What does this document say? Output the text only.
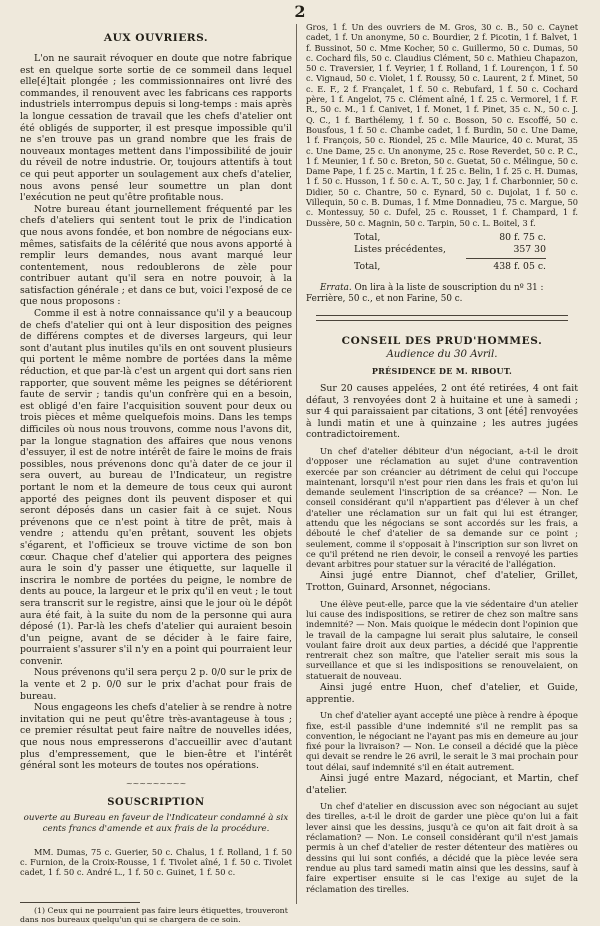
2

AUX OUVRIERS.

L'on ne saurait révoquer en doute que notre fabrique est en quelque sorte sortie de ce sommeil dans lequel elle[é]tait plongée ; les commissionnaires ont livré des commandes, il renouvent avec les fabricans ces rapports industriels interrompus depuis si long-temps : mais après la longue cessation de travail que les chefs d'atelier ont été obligés de supporter, il est presque impossible qu'il ne s'en trouve pas un grand nombre que les frais de nouveaux montages mettent dans l'impossibilité de jouir du réveil de notre industrie. Or, toujours attentifs à tout ce qui peut apporter un soulagement aux chefs d'atelier, nous avons pensé leur soumettre un plan dont l'exécution ne peut qu'être profitable nous.

Notre bureau étant journellement fréquenté par les chefs d'ateliers qui sentent tout le prix de l'indication que nous avons fondée, et bon nombre de négocians eux-mêmes, satisfaits de la célérité que nous avons apporté à remplir leurs demandes, nous avant marqué leur contentement, nous redoublerons de zèle pour contribuer autant qu'il sera en notre pouvoir, à la satisfaction générale ; et dans ce but, voici l'exposé de ce que nous proposons :

Comme il est à notre connaissance qu'il y a beaucoup de chefs d'atelier qui ont à leur disposition des peignes de différens comptes et de diverses largeurs, qui leur sont d'autant plus inutiles qu'ils en ont souvent plusieurs qui portent le même nombre de portées dans la même réduction, et que par-là c'est un argent qui dort sans rien rapporter, que souvent même les peignes se détériorent faute de servir ; tandis qu'un confrère qui en a besoin, est obligé d'en faire l'acquisition souvent pour deux ou trois pièces et même quelquefois moins. Dans les temps difficiles où nous nous trouvons, comme nous l'avons dit, par la longue stagnation des affaires que nous venons d'essuyer, il est de notre intérêt de faire le moins de frais possibles, nous prévenons donc qu'à dater de ce jour il sera ouvert, au bureau de l'Indicateur, un registre portant le nom et la demeure de tous ceux qui auront apporté des peignes dont ils peuvent disposer et qui seront déposés dans un casier fait à ce sujet. Nous prévenons que ce n'est point à titre de prêt, mais à vendre ; attendu qu'en prêtant, souvent les objets s'égarent, et l'officieux se trouve victime de son bon cœur. Chaque chef d'atelier qui apportera des peignes aura le soin d'y passer une étiquette, sur laquelle il inscrira le nombre de portées du peigne, le nombre de dents au pouce, la largeur et le prix qu'il en veut ; le tout sera transcrit sur le registre, ainsi que le jour où le dépôt aura été fait, à la suite du nom de la personne qui aura déposé (1). Par-là les chefs d'atelier qui auraient besoin d'un peigne, avant de se décider à le faire faire, pourraient s'assurer s'il n'y en a point qui pourraient leur convenir.

Nous prévenons qu'il sera perçu 2 p. 0/0 sur le prix de la vente et 2 p. 0/0 sur le prix d'achat pour frais de bureau.

Nous engageons les chefs d'atelier à se rendre à notre invitation qui ne peut qu'être très-avantageuse à tous ; ce premier résultat peut faire naître de nouvelles idées, que nous nous empresserons d'accueillir avec d'autant plus d'empressement, que le bien-être et l'intérêt général sont les moteurs de toutes nos opérations.

~~~~~~~~~

SOUSCRIPTION

ouverte au Bureau en faveur de l'Indicateur condamné à six cents francs d'amende et aux frais de la procédure.

MM. Dumas, 75 c. Guerier, 50 c. Chalus, 1 f. Rolland, 1 f. 50 c. Furnion, de la Croix-Rousse, 1 f. Tivolet aîné, 1 f. 50 c. Tivolet cadet, 1 f. 50 c. André L., 1 f. 50 c. Guinet, 1 f. 50 c.

(1) Ceux qui ne pourraient pas faire leurs étiquettes, trouveront dans nos bureaux quelqu'un qui se chargera de ce soin.

Gros, 1 f. Un des ouvriers de M. Gros, 30 c. B., 50 c. Caynet cadet, 1 f. Un anonyme, 50 c. Bourdier, 2 f. Picotin, 1 f. Balvet, 1 f. Bussinot, 50 c. Mme Kocher, 50 c. Guillermo, 50 c. Dumas, 50 c. Cochard fils, 50 c. Claudius Clément, 50 c. Mathieu Chapazon, 50 c. Traversier, 1 f. Veyrier, 1 f. Rolland, 1 f. Lourençon, 1 f. 50 c. Vignaud, 50 c. Violet, 1 f. Roussy, 50 c. Laurent, 2 f. Minet, 50 c. E. F., 2 f. Françalet, 1 f. 50 c. Rebufard, 1 f. 50 c. Cochard père, 1 f. Angelot, 75 c. Clément aîné, 1 f. 25 c. Vermorel, 1 f. F. R., 50 c. M., 1 f. Canivet, 1 f. Monet, 1 f. Pinet, 35 c. N., 50 c. J. Q. C., 1 f. Barthélemy, 1 f. 50 c. Bosson, 50 c. Escoffé, 50 c. Bousfous, 1 f. 50 c. Chambe cadet, 1 f. Burdin, 50 c. Une Dame, 1 f. François, 50 c. Riondel, 25 c. Mlle Maurice, 40 c. Murat, 35 c. Une Dame, 25 c. Un anonyme, 25 c. Rose Reverdet, 50 c. P. C., 1 f. Meunier, 1 f. 50 c. Breton, 50 c. Guetat, 50 c. Mélingue, 50 c. Dame Pape, 1 f. 25 c. Martin, 1 f. 25 c. Belin, 1 f. 25 c. H. Dumas, 1 f. 50 c. Husson, 1 f. 50 c. A. T., 50 c. Jay, 1 f. Charbonnier, 50 c. Didier, 50 c. Chantre, 50 c. Eynard, 50 c. Dujolat, 1 f. 50 c. Villequin, 50 c. B. Dumas, 1 f. Mme Donnadieu, 75 c. Margue, 50 c. Montessuy, 50 c. Dufel, 25 c. Rousset, 1 f. Champard, 1 f. Dussère, 50 c. Magnin, 50 c. Tarpin, 50 c. L. Boitel, 3 f.

Total,	80 f. 75 c.
Listes précédentes,	357 30
Total,	438 f. 05 c.

Errata. On lira à la liste de souscription du nº 31 : Ferrière, 50 c., et non Farine, 50 c.

CONSEIL DES PRUD'HOMMES.

Audience du 30 Avril.

PRÉSIDENCE DE M. RIBOUT.

Sur 20 causes appelées, 2 ont été retirées, 4 ont fait défaut, 3 renvoyées dont 2 à huitaine et une à samedi ; sur 4 qui paraissaient par citations, 3 ont [été] renvoyées à lundi matin et une à quinzaine ; les autres jugées contradictoirement.

Un chef d'atelier débiteur d'un négociant, a-t-il le droit d'opposer une réclamation au sujet d'une contravention exercée par son créancier au détriment de celui qui l'occupe maintenant, lorsqu'il n'est pour rien dans les frais et qu'on lui demande seulement l'inscription de sa créance? — Non. Le conseil considérant qu'il n'appartient pas d'élever à un chef d'atelier une réclamation sur un fait qui lui est étranger, attendu que les négocians se sont accordés sur les frais, a débouté le chef d'atelier de sa demande sur ce point ; seulement, comme il s'opposait à l'inscription sur son livret on ce qu'il prétend ne rien devoir, le conseil a renvoyé les parties devant arbitres pour statuer sur la véracité de l'allégation.

Ainsi jugé entre Diannot, chef d'atelier, Grillet, Trotton, Guinard, Arsonnet, négocians.

Une élève peut-elle, parce que la vie sédentaire d'un atelier lui cause des indispositions, se retirer de chez son maître sans indemnité? — Non. Mais quoique le médecin dont l'opinion que le travail de la campagne lui serait plus salutaire, le conseil voulant faire droit aux deux parties, a décidé que l'apprentie rentrerait chez son maître, que l'atelier serait mis sous la surveillance et que si les indispositions se renouvelaient, on statuerait de nouveau.

Ainsi jugé entre Huon, chef d'atelier, et Guide, apprentie.

Un chef d'atelier ayant accepté une pièce à rendre à époque fixe, est-il passible d'une indemnité s'il ne remplit pas sa convention, le négociant ne l'ayant pas mis en demeure au jour fixé pour la livraison? — Non. Le conseil a décidé que la pièce qui devait se rendre le 26 avril, le serait le 3 mai prochain pour tout délai, sauf indemnité s'il en était autrement.

Ainsi jugé entre Mazard, négociant, et Martin, chef d'atelier.

Un chef d'atelier en discussion avec son négociant au sujet des tirelles, a-t-il le droit de garder une pièce qu'on lui a fait lever ainsi que les dessins, jusqu'à ce qu'on ait fait droit à sa réclamation? — Non. Le conseil considérant qu'il n'est jamais permis à un chef d'atelier de rester détenteur des matières ou dessins qui lui sont confiés, a décidé que la pièce levée sera rendue au plus tard samedi matin ainsi que les dessins, sauf à faire expertiser ensuite si le cas l'exige au sujet de la réclamation des tirelles.
